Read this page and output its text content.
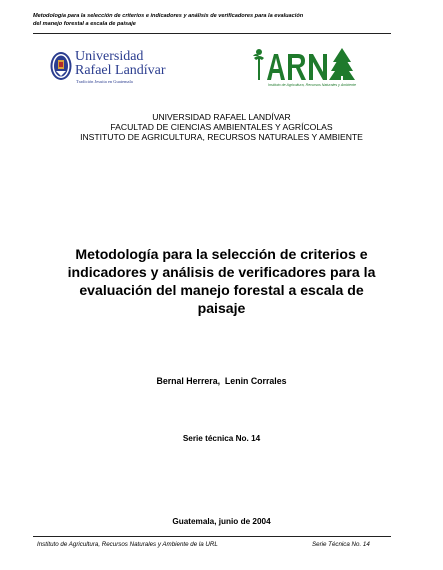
Metodología para la selección de criterios e indicadores y análisis de verificadores para la evaluación
del manejo forestal a escala de paisaje
Universidad
Rafael Landívar
Tradición Jesuita en Guatemala
Instituto de Agricultura, Recursos Naturales y Ambiente
UNIVERSIDAD RAFAEL LANDÍVAR
FACULTAD DE CIENCIAS AMBIENTALES Y AGRÍCOLAS
INSTITUTO DE AGRICULTURA, RECURSOS NATURALES Y AMBIENTE
Metodología para la selección de criterios e
indicadores y análisis de verificadores para la
evaluación del manejo forestal a escala de
paisaje
Bernal Herrera,  Lenin Corrales
Serie técnica No. 14
Guatemala, junio de 2004
Instituto de Agricultura, Recursos Naturales y Ambiente de la URL	Serie Técnica No. 14
